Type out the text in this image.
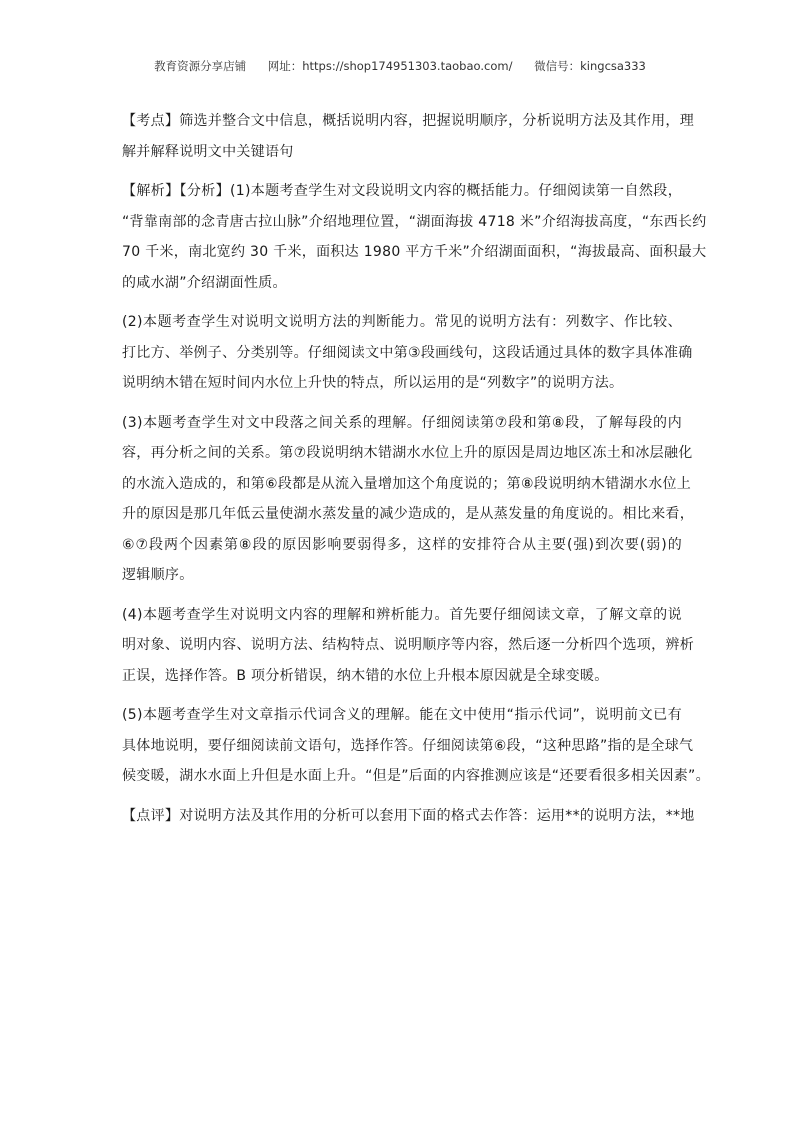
教育资源分享店铺 网址：https://shop174951303.taobao.com/ 微信号：kingcsa333
【考点】筛选并整合文中信息，概括说明内容，把握说明顺序，分析说明方法及其作用，理
解并解释说明文中关键语句
【解析】【分析】(1)本题考查学生对文段说明文内容的概括能力。仔细阅读第一自然段，
“背靠南部的念青唐古拉山脉”介绍地理位置，“湖面海拔 4718 米”介绍海拔高度，“东西长约
70 千米，南北宽约 30 千米，面积达 1980 平方千米”介绍湖面面积，“海拔最高、面积最大
的咸水湖”介绍湖面性质。
(2)本题考查学生对说明文说明方法的判断能力。常见的说明方法有：列数字、作比较、
打比方、举例子、分类别等。仔细阅读文中第③段画线句，这段话通过具体的数字具体准确
说明纳木错在短时间内水位上升快的特点，所以运用的是“列数字”的说明方法。
(3)本题考查学生对文中段落之间关系的理解。仔细阅读第⑦段和第⑧段，了解每段的内
容，再分析之间的关系。第⑦段说明纳木错湖水水位上升的原因是周边地区冻土和冰层融化
的水流入造成的，和第⑥段都是从流入量增加这个角度说的；第⑧段说明纳木错湖水水位上
升的原因是那几年低云量使湖水蒸发量的减少造成的，是从蒸发量的角度说的。相比来看，
⑥⑦段两个因素第⑧段的原因影响要弱得多，这样的安排符合从主要(强)到次要(弱)的
逻辑顺序。
(4)本题考查学生对说明文内容的理解和辨析能力。首先要仔细阅读文章，了解文章的说
明对象、说明内容、说明方法、结构特点、说明顺序等内容，然后逐一分析四个选项，辨析
正误，选择作答。B 项分析错误，纳木错的水位上升根本原因就是全球变暖。
(5)本题考查学生对文章指示代词含义的理解。能在文中使用“指示代词”，说明前文已有
具体地说明，要仔细阅读前文语句，选择作答。仔细阅读第⑥段，“这种思路”指的是全球气
候变暖，湖水水面上升但是水面上升。“但是”后面的内容推测应该是“还要看很多相关因素”。
【点评】对说明方法及其作用的分析可以套用下面的格式去作答：运用**的说明方法，**地
